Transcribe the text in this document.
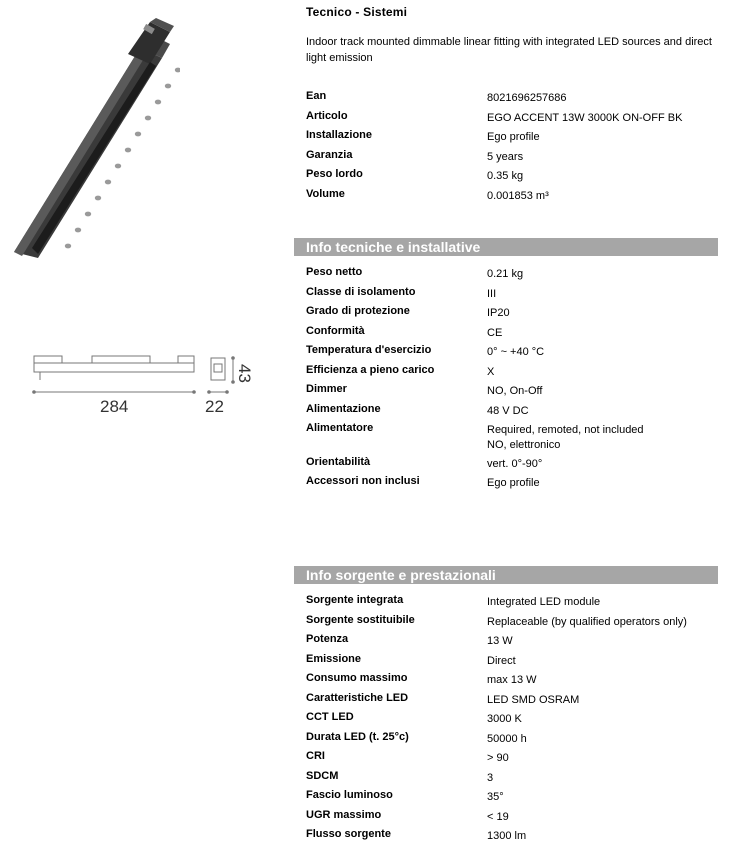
284	22
43
Tecnico - Sistemi
Indoor track mounted dimmable linear fitting with integrated LED sources and direct light emission
Ean	8021696257686
Articolo	EGO ACCENT 13W 3000K ON-OFF BK
Installazione	Ego profile
Garanzia	5 years
Peso lordo	0.35 kg
Volume	0.001853 m³
Info tecniche e installative
Peso netto	0.21 kg
Classe di isolamento	III
Grado di protezione	IP20
Conformità	CE
Temperatura d'esercizio	0° ~ +40 °C
Efficienza a pieno carico	X
Dimmer	NO, On-Off
Alimentazione	48 V DC
Alimentatore	Required, remoted, not included
NO, elettronico
Orientabilità	vert. 0°-90°
Accessori non inclusi	Ego profile
Info sorgente e prestazionali
Sorgente integrata	Integrated LED module
Sorgente sostituibile	Replaceable (by qualified operators only)
Potenza	13 W
Emissione	Direct
Consumo massimo	max 13 W
Caratteristiche LED	LED SMD OSRAM
CCT LED	3000 K
Durata LED (t. 25°c)	50000 h
CRI	> 90
SDCM	3
Fascio luminoso	35°
UGR massimo	< 19
Flusso sorgente	1300 lm
